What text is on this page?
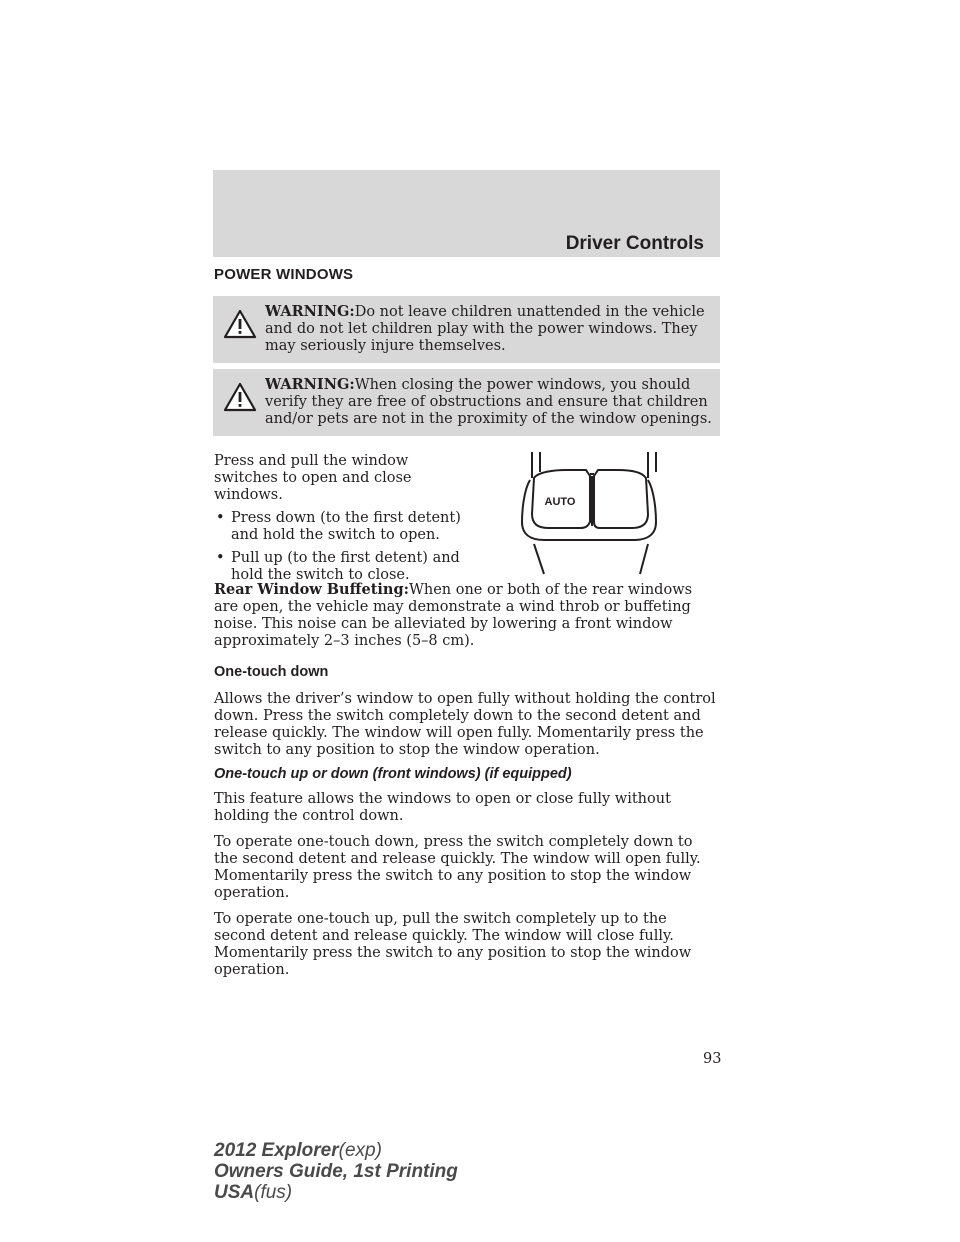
Driver Controls
POWER WINDOWS

WARNING:Do not leave children unattended in the vehicle and do not let children play with the power windows. They may seriously injure themselves.

WARNING:When closing the power windows, you should verify they are free of obstructions and ensure that children and/or pets are not in the proximity of the window openings.

Press and pull the window switches to open and close windows.

• Press down (to the first detent) and hold the switch to open.
• Pull up (to the first detent) and hold the switch to close.
AUTO

Rear Window Buffeting:When one or both of the rear windows are open, the vehicle may demonstrate a wind throb or buffeting noise. This noise can be alleviated by lowering a front window approximately 2–3 inches (5–8 cm).

One-touch down

Allows the driver’s window to open fully without holding the control down. Press the switch completely down to the second detent and release quickly. The window will open fully. Momentarily press the switch to any position to stop the window operation.

One-touch up or down (front windows) (if equipped)

This feature allows the windows to open or close fully without holding the control down.

To operate one-touch down, press the switch completely down to the second detent and release quickly. The window will open fully. Momentarily press the switch to any position to stop the window operation.

To operate one-touch up, pull the switch completely up to the second detent and release quickly. The window will close fully. Momentarily press the switch to any position to stop the window operation.

93
2012 Explorer(exp)
Owners Guide, 1st Printing
USA(fus)
